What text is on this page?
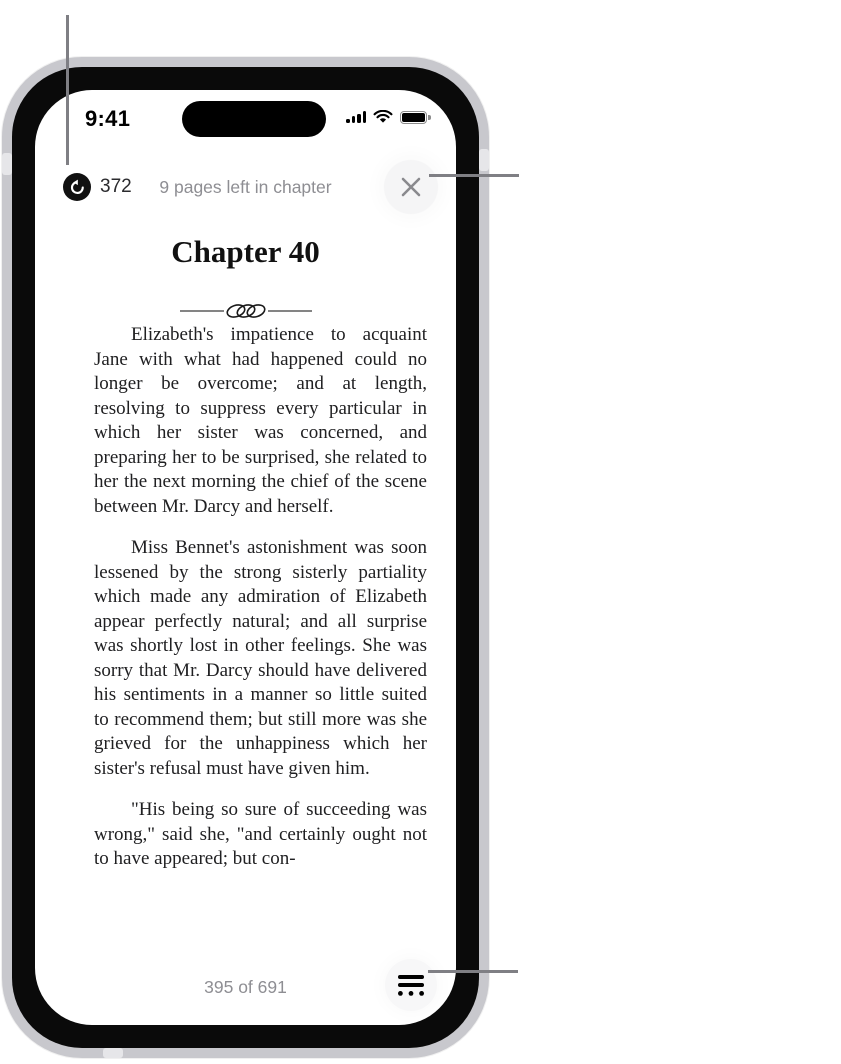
9:41
372	9 pages left in chapter
Chapter 40

Elizabeth's impatience to acquaint Jane with what had happened could no longer be overcome; and at length, resolving to suppress every particular in which her sister was concerned, and preparing her to be surprised, she related to her the next morning the chief of the scene between Mr. Darcy and herself.

Miss Bennet's astonishment was soon lessened by the strong sisterly partiality which made any admiration of Elizabeth appear perfectly natural; and all surprise was shortly lost in other feelings. She was sorry that Mr. Darcy should have delivered his sentiments in a manner so little suited to recommend them; but still more was she grieved for the unhappiness which her sister's refusal must have given him.

"His being so sure of succeeding was wrong," said she, "and certainly ought not to have appeared; but con-

395 of 691
